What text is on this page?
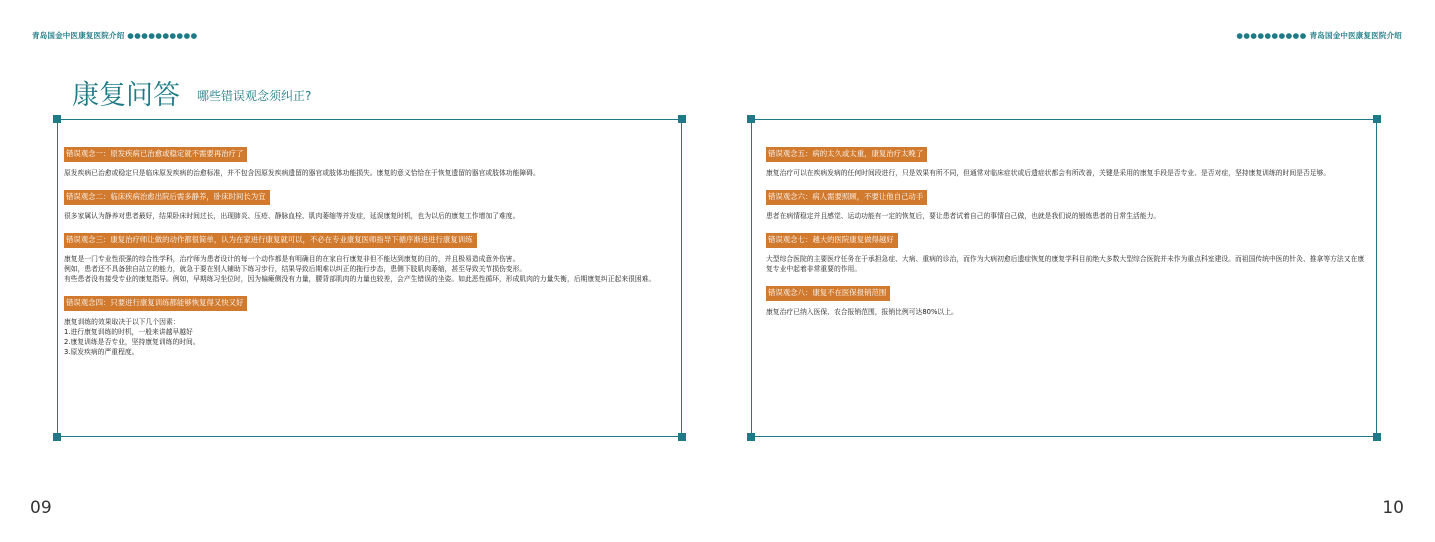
青岛国金中医康复医院介绍 ●●●●●●●●●●	●●●●●●●●●● 青岛国金中医康复医院介绍
康复问答 哪些错误观念须纠正?
错误观念一：原发疾病已治愈或稳定就不需要再治疗了
原发疾病已治愈或稳定只是临床原发疾病的治愈标准，并不包含因原发疾病遗留的器官或肢体功能损失。康复的意义恰恰在于恢复遗留的器官或肢体功能障碍。
错误观念二：临床疾病治愈出院后需多静养，卧床时间长为宜
很多家属认为静养对患者最好，结果卧床时间过长，出现肺炎、压疮、静脉血栓、肌肉萎缩等并发症，延误康复时机，也为以后的康复工作增加了难度。
错误观念三：康复治疗师让做的动作都很简单，认为在家进行康复就可以，不必在专业康复医师指导下循序渐进进行康复训练
康复是一门专业性很强的综合性学科，治疗师为患者设计的每一个动作都是有明确目的在家自行康复非但不能达到康复的目的，并且极易造成意外伤害。
例如，患者还不具备独自站立的能力，就急于要在别人辅助下练习步行，结果导致后期难以纠正的拖行步态，患侧下肢肌肉萎缩，甚至导致关节损伤变形。
有些患者没有接受专业的康复指导。例如，早期练习坐位时，因为偏瘫侧没有力量，腰背部肌肉的力量也较差，会产生错误的坐姿。如此恶性循环，形成肌肉的力量失衡，后期康复纠正起来很困难。
错误观念四：只要进行康复训练都能够恢复得又快又好
康复训练的效果取决于以下几个因素：
1.进行康复训练的时机，一般来讲越早越好
2.康复训练是否专业，坚持康复训练的时间。
3.原发疾病的严重程度。
错误观念五：病的太久或太重，康复治疗太晚了
康复治疗可以在疾病发病的任何时间段进行，只是效果有所不同，但通常对临床症状或后遗症状都会有所改善，关键是采用的康复手段是否专业、是否对症，坚持康复训练的时间是否足够。
错误观念六：病人需要照顾，不要让他自己动手
患者在病情稳定并且感觉、运动功能有一定的恢复后，要让患者试着自己的事情自己做，也就是我们说的锻炼患者的日常生活能力。
错误观念七：越大的医院康复做得越好
大型综合医院的主要医疗任务在于承担急症、大病、重病的诊治，而作为大病初愈后遗症恢复的康复学科目前绝大多数大型综合医院并未作为重点科室建设。而祖国传统中医的针灸、推拿等方法又在康复专业中起着非常重要的作用。
错误观念八：康复不在医保报销范围
康复治疗已纳入医保、农合报销范围，报销比例可达80%以上。
09	10
